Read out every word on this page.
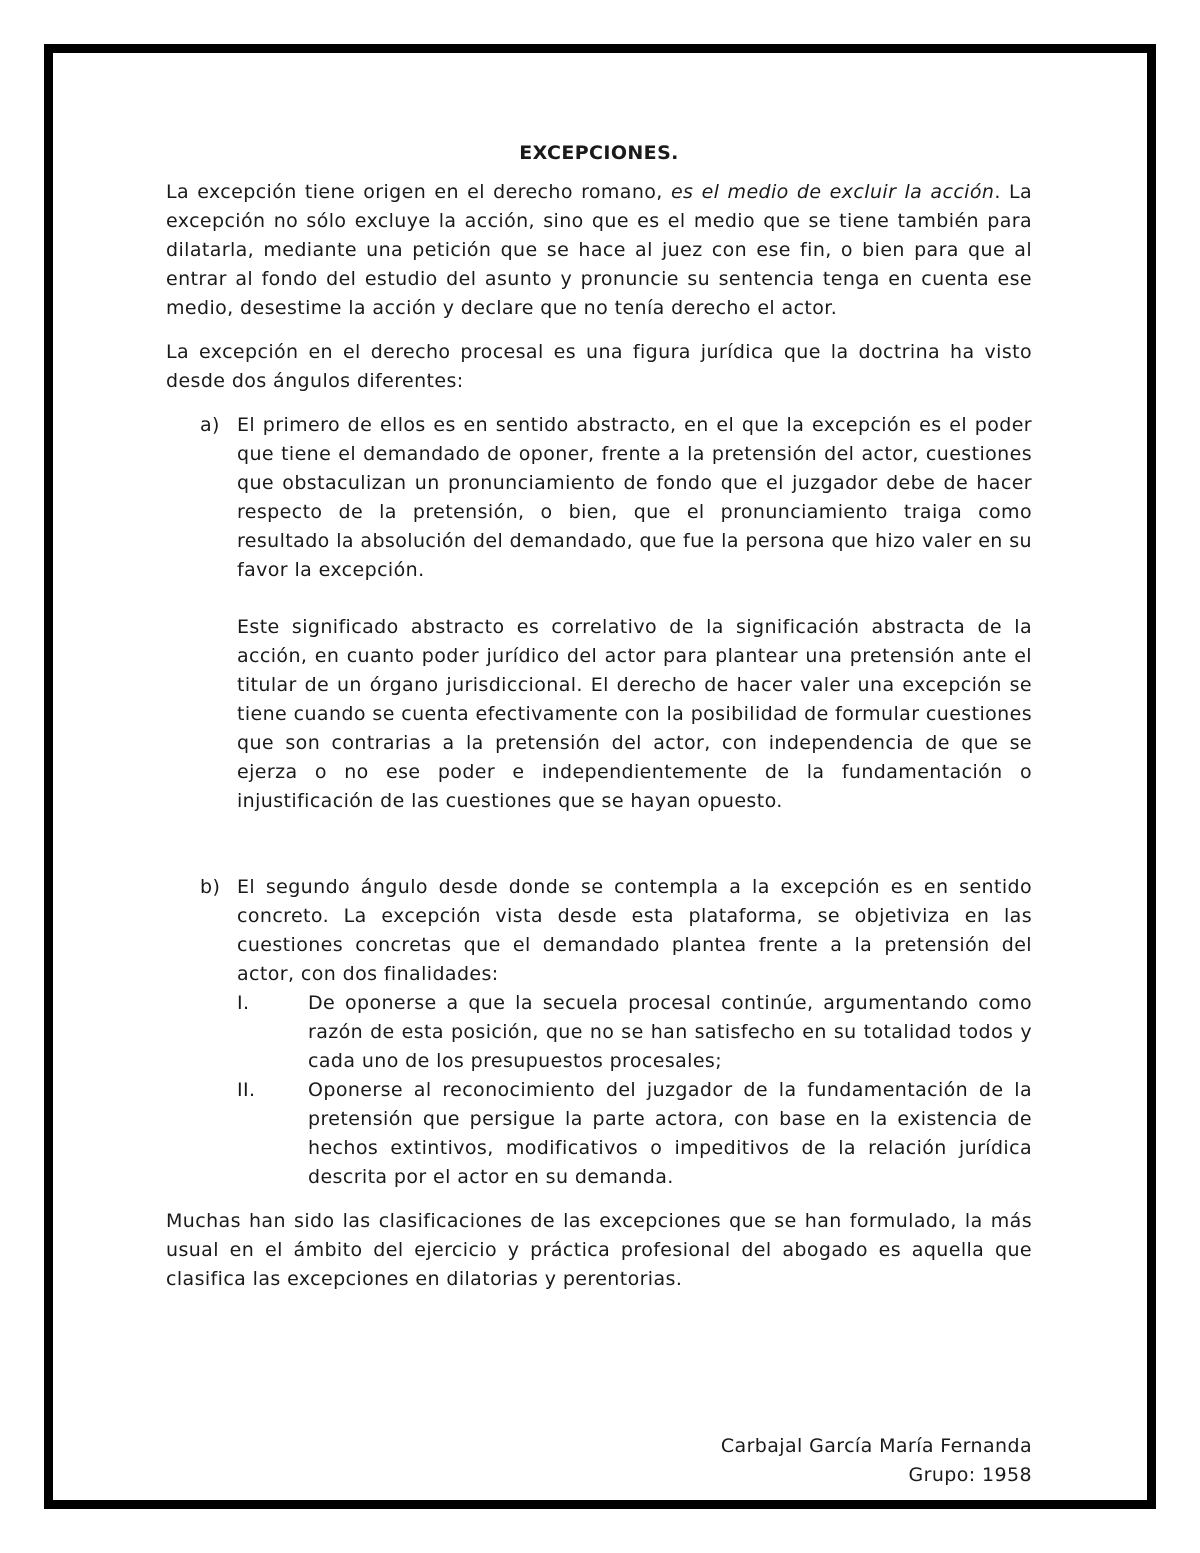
EXCEPCIONES.

La excepción tiene origen en el derecho romano, es el medio de excluir la acción. La excepción no sólo excluye la acción, sino que es el medio que se tiene también para dilatarla, mediante una petición que se hace al juez con ese fin, o bien para que al entrar al fondo del estudio del asunto y pronuncie su sentencia tenga en cuenta ese medio, desestime la acción y declare que no tenía derecho el actor.

La excepción en el derecho procesal es una figura jurídica que la doctrina ha visto desde dos ángulos diferentes:

a) El primero de ellos es en sentido abstracto, en el que la excepción es el poder que tiene el demandado de oponer, frente a la pretensión del actor, cuestiones que obstaculizan un pronunciamiento de fondo que el juzgador debe de hacer respecto de la pretensión, o bien, que el pronunciamiento traiga como resultado la absolución del demandado, que fue la persona que hizo valer en su favor la excepción.

Este significado abstracto es correlativo de la significación abstracta de la acción, en cuanto poder jurídico del actor para plantear una pretensión ante el titular de un órgano jurisdiccional. El derecho de hacer valer una excepción se tiene cuando se cuenta efectivamente con la posibilidad de formular cuestiones que son contrarias a la pretensión del actor, con independencia de que se ejerza o no ese poder e independientemente de la fundamentación o injustificación de las cuestiones que se hayan opuesto.

b) El segundo ángulo desde donde se contempla a la excepción es en sentido concreto. La excepción vista desde esta plataforma, se objetiviza en las cuestiones concretas que el demandado plantea frente a la pretensión del actor, con dos finalidades:

I.	De oponerse a que la secuela procesal continúe, argumentando como razón de esta posición, que no se han satisfecho en su totalidad todos y cada uno de los presupuestos procesales;

II.	Oponerse al reconocimiento del juzgador de la fundamentación de la pretensión que persigue la parte actora, con base en la existencia de hechos extintivos, modificativos o impeditivos de la relación jurídica descrita por el actor en su demanda.

Muchas han sido las clasificaciones de las excepciones que se han formulado, la más usual en el ámbito del ejercicio y práctica profesional del abogado es aquella que clasifica las excepciones en dilatorias y perentorias.

Carbajal García María Fernanda
Grupo: 1958
